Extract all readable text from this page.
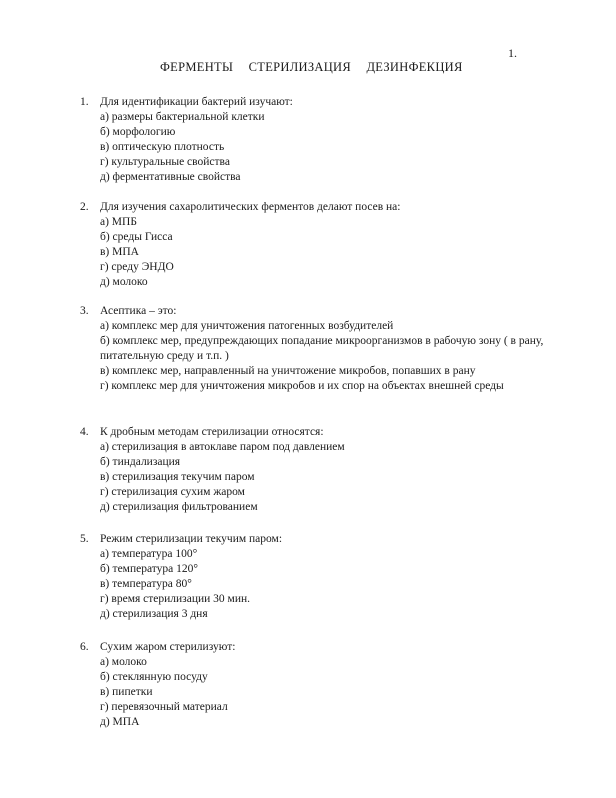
1.
ФЕРМЕНТЫ СТЕРИЛИЗАЦИЯ ДЕЗИНФЕКЦИЯ
1. Для идентификации бактерий изучают:
а) размеры бактериальной клетки
б) морфологию
в) оптическую плотность
г) культуральные свойства
д) ферментативные свойства
2. Для изучения сахаролитических ферментов делают посев на:
а) МПБ
б) среды Гисса
в) МПА
г) среду ЭНДО
д) молоко
3. Асептика – это:
а) комплекс мер для уничтожения патогенных возбудителей
б) комплекс мер, предупреждающих попадание микроорганизмов в рабочую зону ( в рану, питательную среду и т.п. )
в) комплекс мер, направленный на уничтожение микробов, попавших в рану
г) комплекс мер для уничтожения микробов и их спор на объектах внешней среды
4. К дробным методам стерилизации относятся:
а) стерилизация в автоклаве паром под давлением
б) тиндализация
в) стерилизация текучим паром
г) стерилизация сухим жаром
д) стерилизация фильтрованием
5. Режим стерилизации текучим паром:
а) температура 100°
б) температура 120°
в) температура 80°
г) время стерилизации 30 мин.
д) стерилизация 3 дня
6. Сухим жаром стерилизуют:
а) молоко
б) стеклянную посуду
в) пипетки
г) перевязочный материал
д) МПА
